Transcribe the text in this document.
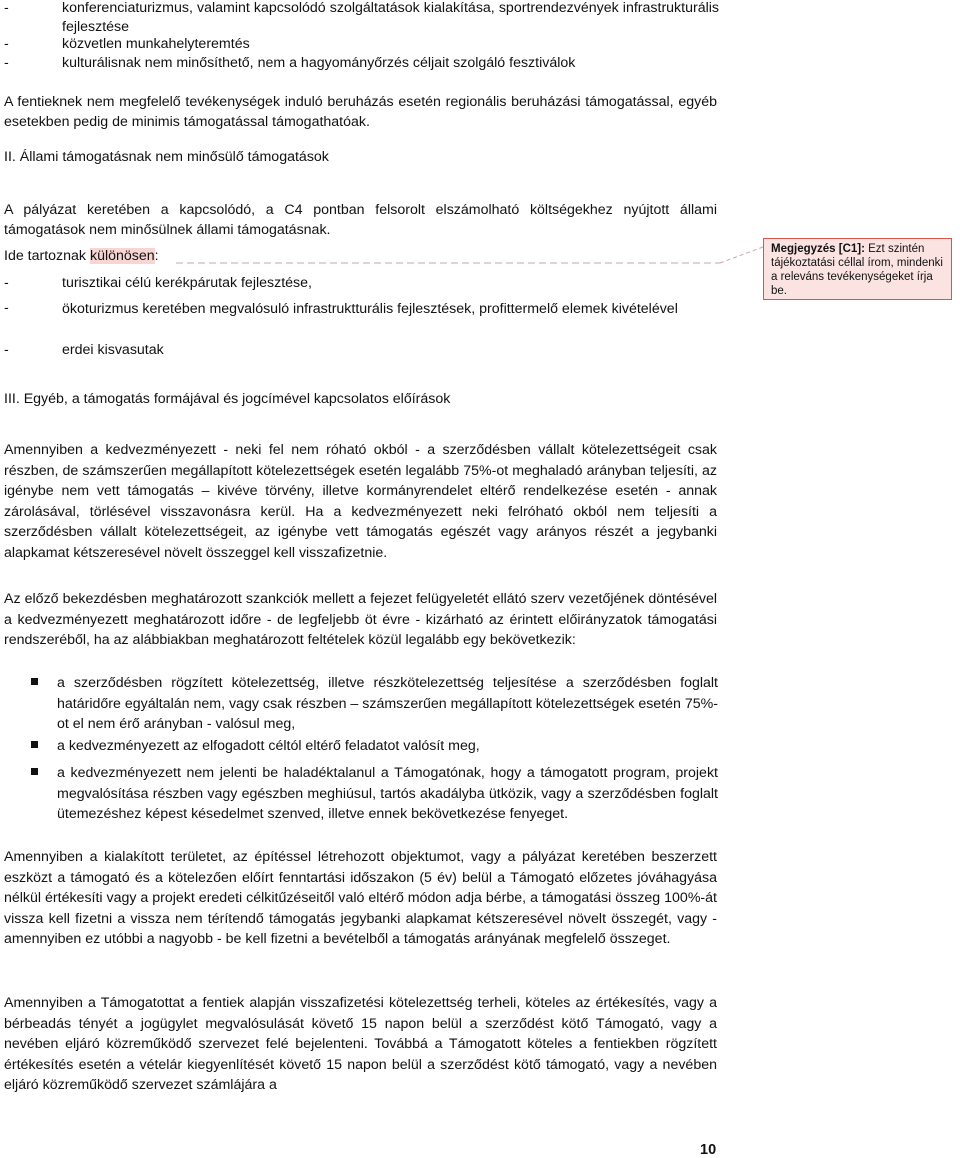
-	konferenciaturizmus, valamint kapcsolódó szolgáltatások kialakítása, sportrendezvények infrastrukturális fejlesztése
-	közvetlen munkahelyteremtés
-	kulturálisnak nem minősíthető, nem a hagyományőrzés céljait szolgáló fesztiválok
A fentieknek nem megfelelő tevékenységek induló beruházás esetén regionális beruházási támogatással, egyéb esetekben pedig de minimis támogatással támogathatóak.
II. Állami támogatásnak nem minősülő támogatások
A pályázat keretében a kapcsolódó, a C4 pontban felsorolt elszámolható költségekhez nyújtott állami támogatások nem minősülnek állami támogatásnak.
Ide tartoznak különösen:	Megjegyzés [C1]: Ezt szintén tájékoztatási céllal írom, mindenki a releváns tevékenységeket írja be.
-	turisztikai célú kerékpárutak fejlesztése,
-	ökoturizmus keretében megvalósuló infrastruktturális fejlesztések, profittermelő elemek kivételével
-	erdei kisvasutak
III. Egyéb, a támogatás formájával és jogcímével kapcsolatos előírások
Amennyiben a kedvezményezett - neki fel nem róható okból - a szerződésben vállalt kötelezettségeit csak részben, de számszerűen megállapított kötelezettségek esetén legalább 75%-ot meghaladó arányban teljesíti, az igénybe nem vett támogatás – kivéve törvény, illetve kormányrendelet eltérő rendelkezése esetén - annak zárolásával, törlésével visszavonásra kerül. Ha a kedvezményezett neki felróható okból nem teljesíti a szerződésben vállalt kötelezettségeit, az igénybe vett támogatás egészét vagy arányos részét a jegybanki alapkamat kétszeresével növelt összeggel kell visszafizetnie.
Az előző bekezdésben meghatározott szankciók mellett a fejezet felügyeletét ellátó szerv vezetőjének döntésével a kedvezményezett meghatározott időre - de legfeljebb öt évre - kizárható az érintett előirányzatok támogatási rendszeréből, ha az alábbiakban meghatározott feltételek közül legalább egy bekövetkezik:
a szerződésben rögzített kötelezettség, illetve részkötelezettség teljesítése a szerződésben foglalt határidőre egyáltalán nem, vagy csak részben – számszerűen megállapított kötelezettségek esetén 75%-ot el nem érő arányban - valósul meg,
a kedvezményezett az elfogadott céltól eltérő feladatot valósít meg,
a kedvezményezett nem jelenti be haladéktalanul a Támogatónak, hogy a támogatott program, projekt megvalósítása részben vagy egészben meghiúsul, tartós akadályba ütközik, vagy a szerződésben foglalt ütemezéshez képest késedelmet szenved, illetve ennek bekövetkezése fenyeget.
Amennyiben a kialakított területet, az építéssel létrehozott objektumot, vagy a pályázat keretében beszerzett eszközt a támogató és a kötelezően előírt fenntartási időszakon (5 év) belül a Támogató előzetes jóváhagyása nélkül értékesíti vagy a projekt eredeti célkitűzéseitől való eltérő módon adja bérbe, a támogatási összeg 100%-át vissza kell fizetni a vissza nem térítendő támogatás jegybanki alapkamat kétszeresével növelt összegét, vagy - amennyiben ez utóbbi a nagyobb - be kell fizetni a bevételből a támogatás arányának megfelelő összeget.
Amennyiben a Támogatottat a fentiek alapján visszafizetési kötelezettség terheli, köteles az értékesítés, vagy a bérbeadás tényét a jogügylet megvalósulását követő 15 napon belül a szerződést kötő Támogató, vagy a nevében eljáró közreműködő szervezet felé bejelenteni. Továbbá a Támogatott köteles a fentiekben rögzített értékesítés esetén a vételár kiegyenlítését követő 15 napon belül a szerződést kötő támogató, vagy a nevében eljáró közreműködő szervezet számlájára a
10
